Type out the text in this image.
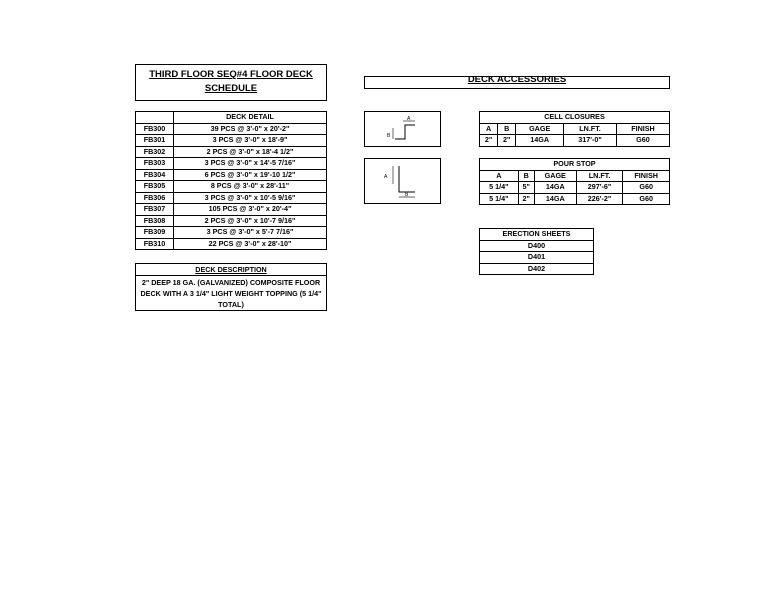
THIRD FLOOR SEQ#4 FLOOR DECK
SCHEDULE
	DECK DETAIL
FB300	39 PCS @ 3'-0" x 20'-2"
FB301	3 PCS @ 3'-0" x 18'-9"
FB302	2 PCS @ 3'-0" x 18'-4 1/2"
FB303	3 PCS @ 3'-0" x 14'-5 7/16"
FB304	6 PCS @ 3'-0" x 19'-10 1/2"
FB305	8 PCS @ 3'-0" x 28'-11"
FB306	3 PCS @ 3'-0" x 10'-5 9/16"
FB307	105 PCS @ 3'-0" x 20'-4"
FB308	2 PCS @ 3'-0" x 10'-7 9/16"
FB309	3 PCS @ 3'-0" x 5'-7 7/16"
FB310	22 PCS @ 3'-0" x 28'-10"
DECK DESCRIPTION
2" DEEP 18 GA. (GALVANIZED) COMPOSITE FLOOR DECK WITH A 3 1/4" LIGHT WEIGHT TOPPING (5 1/4" TOTAL)
DECK ACCESSORIES
A
B
A
B
CELL CLOSURES				
A	B	GAGE	LN.FT.	FINISH
2"	2"	14GA	317'-0"	G60
POUR STOP				
A	B	GAGE	LN.FT.	FINISH
5 1/4"	5"	14GA	297'-6"	G60
5 1/4"	2"	14GA	226'-2"	G60
ERECTION SHEETS
D400
D401
D402
